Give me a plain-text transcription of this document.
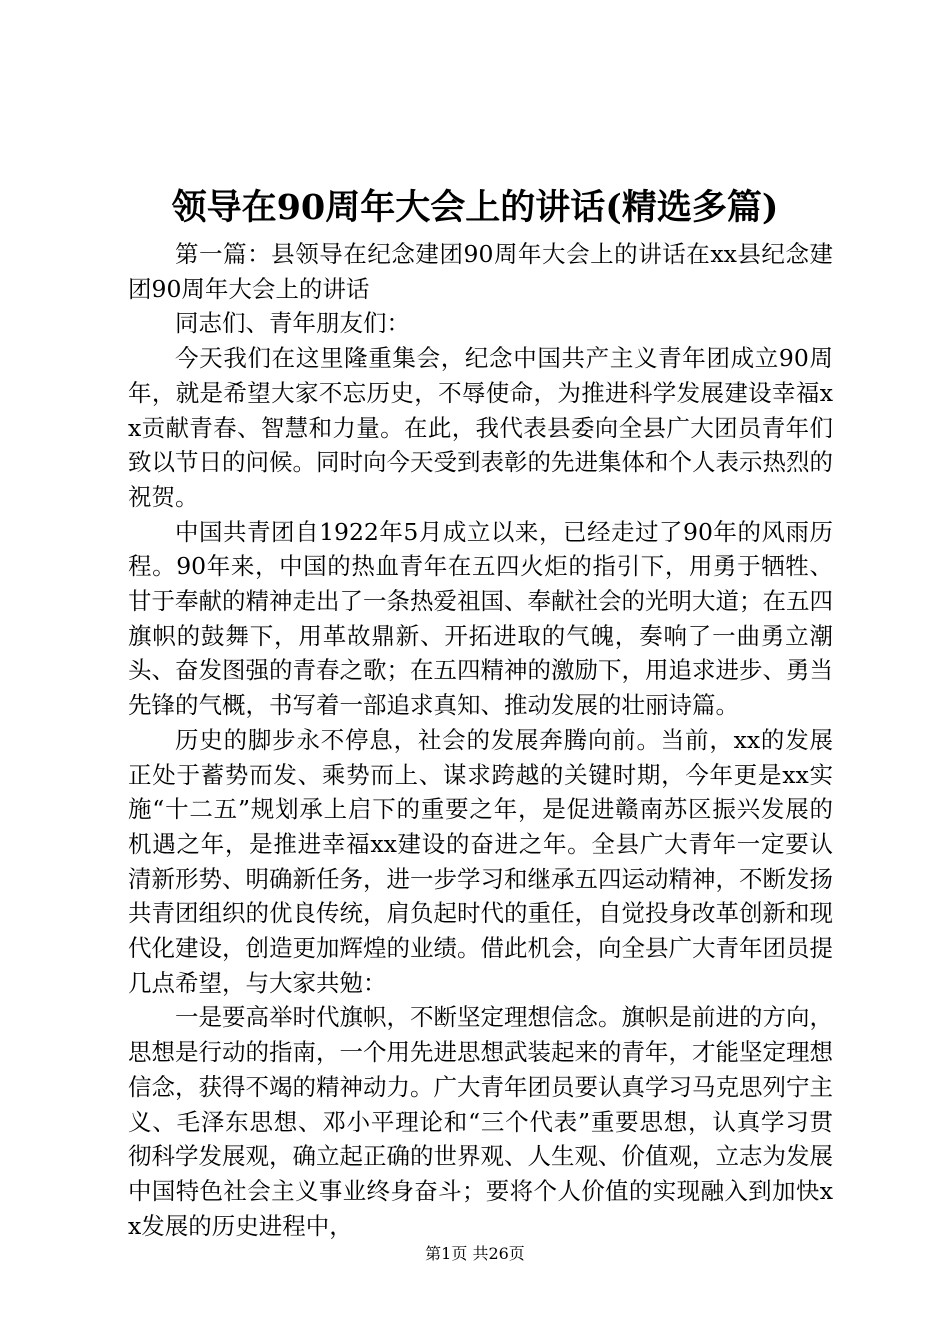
领导在90周年大会上的讲话(精选多篇)

第一篇：县领导在纪念建团90周年大会上的讲话在xx县纪念建团90周年大会上的讲话

同志们、青年朋友们：

今天我们在这里隆重集会，纪念中国共产主义青年团成立90周年，就是希望大家不忘历史，不辱使命，为推进科学发展建设幸福xx贡献青春、智慧和力量。在此，我代表县委向全县广大团员青年们致以节日的问候。同时向今天受到表彰的先进集体和个人表示热烈的祝贺。

中国共青团自1922年5月成立以来，已经走过了90年的风雨历程。90年来，中国的热血青年在五四火炬的指引下，用勇于牺牲、甘于奉献的精神走出了一条热爱祖国、奉献社会的光明大道；在五四旗帜的鼓舞下，用革故鼎新、开拓进取的气魄，奏响了一曲勇立潮头、奋发图强的青春之歌；在五四精神的激励下，用追求进步、勇当先锋的气概，书写着一部追求真知、推动发展的壮丽诗篇。

历史的脚步永不停息，社会的发展奔腾向前。当前，xx的发展正处于蓄势而发、乘势而上、谋求跨越的关键时期，今年更是xx实施“十二五”规划承上启下的重要之年，是促进赣南苏区振兴发展的机遇之年，是推进幸福xx建设的奋进之年。全县广大青年一定要认清新形势、明确新任务，进一步学习和继承五四运动精神，不断发扬共青团组织的优良传统，肩负起时代的重任，自觉投身改革创新和现代化建设，创造更加辉煌的业绩。借此机会，向全县广大青年团员提几点希望，与大家共勉：

一是要高举时代旗帜，不断坚定理想信念。旗帜是前进的方向，思想是行动的指南，一个用先进思想武装起来的青年，才能坚定理想信念，获得不竭的精神动力。广大青年团员要认真学习马克思列宁主义、毛泽东思想、邓小平理论和“三个代表”重要思想，认真学习贯彻科学发展观，确立起正确的世界观、人生观、价值观，立志为发展中国特色社会主义事业终身奋斗；要将个人价值的实现融入到加快xx发展的历史进程中，

第1页 共26页
